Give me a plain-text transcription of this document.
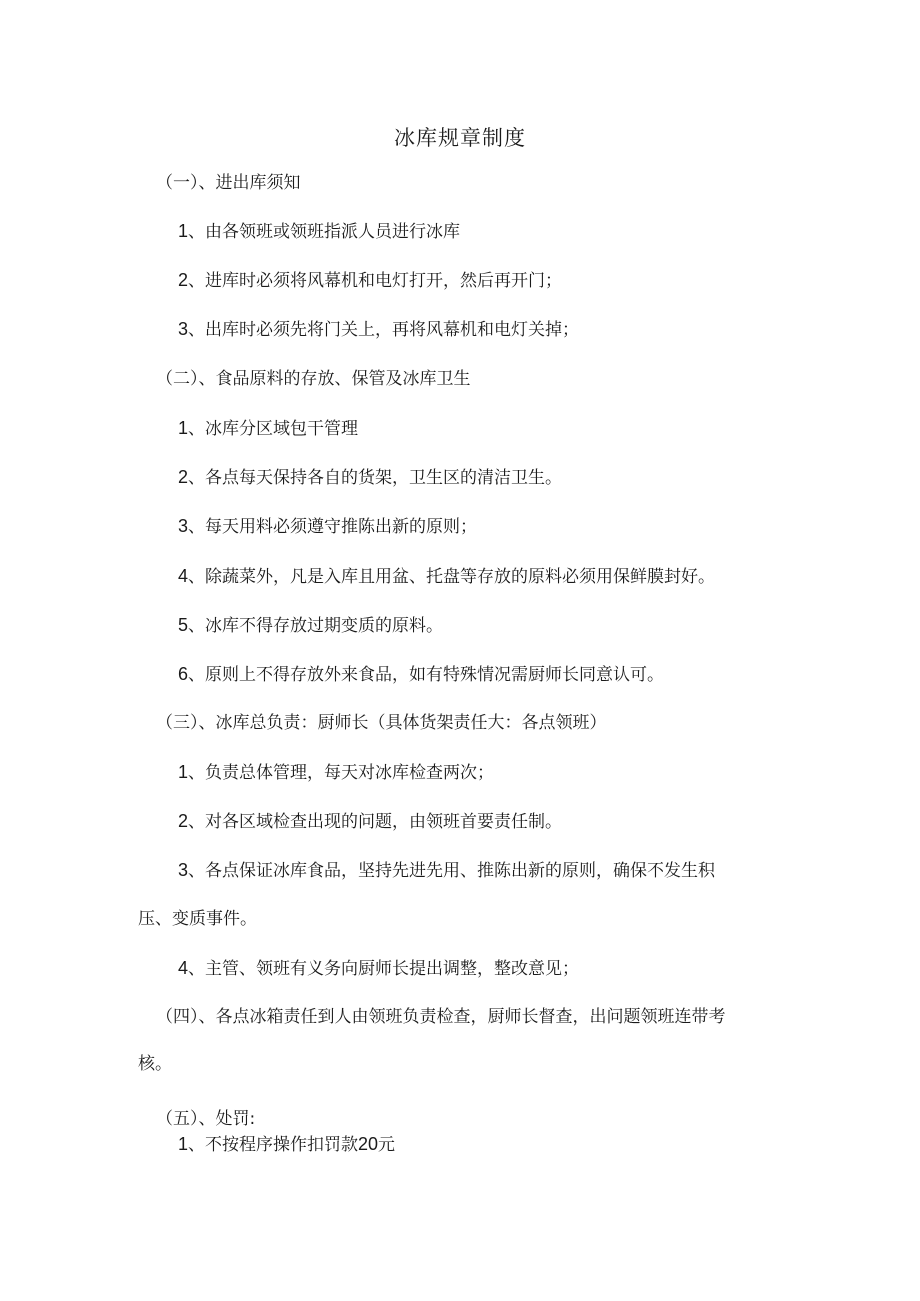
冰库规章制度
（一）、进出库须知
1、由各领班或领班指派人员进行冰库
2、进库时必须将风幕机和电灯打开，然后再开门；
3、出库时必须先将门关上，再将风幕机和电灯关掉；
（二）、食品原料的存放、保管及冰库卫生
1、冰库分区域包干管理
2、各点每天保持各自的货架，卫生区的清洁卫生。
3、每天用料必须遵守推陈出新的原则；
4、除蔬菜外，凡是入库且用盆、托盘等存放的原料必须用保鲜膜封好。
5、冰库不得存放过期变质的原料。
6、原则上不得存放外来食品，如有特殊情况需厨师长同意认可。
（三）、冰库总负责：厨师长（具体货架责任大：各点领班）
1、负责总体管理，每天对冰库检查两次；
2、对各区域检查出现的问题，由领班首要责任制。
3、各点保证冰库食品，坚持先进先用、推陈出新的原则，确保不发生积
压、变质事件。
4、主管、领班有义务向厨师长提出调整，整改意见；
（四）、各点冰箱责任到人由领班负责检查，厨师长督查，出问题领班连带考
核。
（五）、处罚:
1、不按程序操作扣罚款20元
